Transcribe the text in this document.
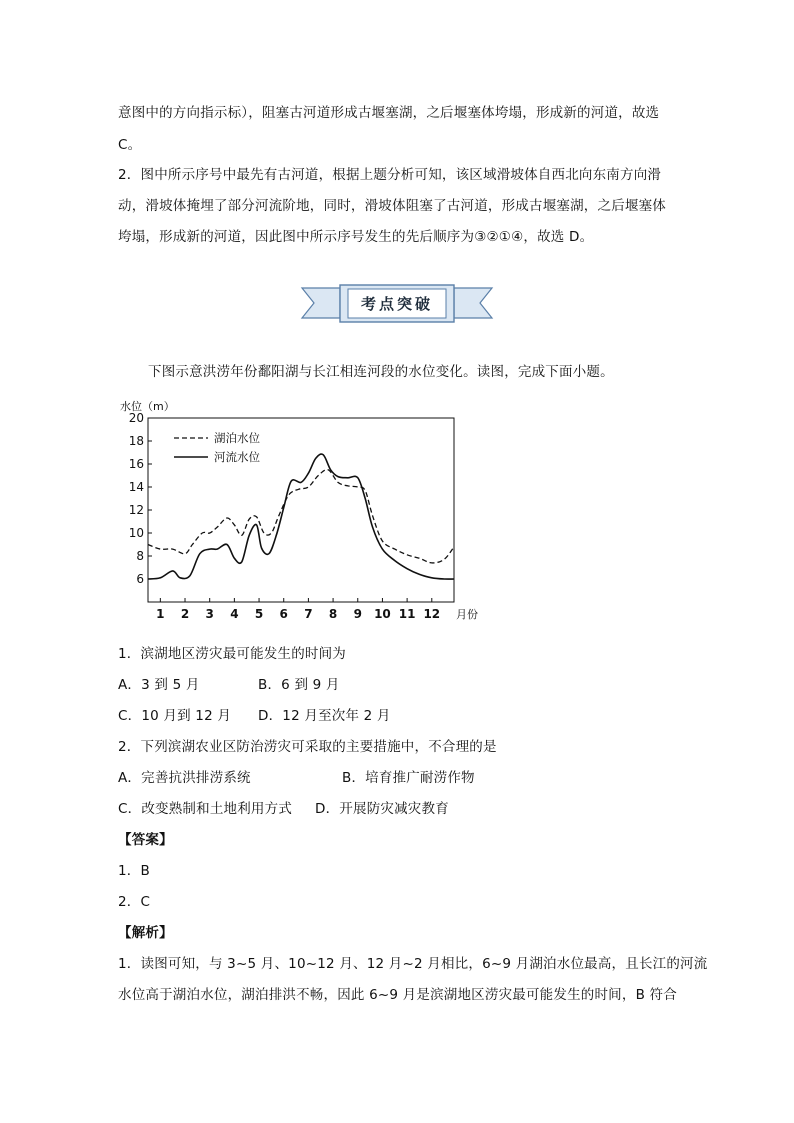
意图中的方向指示标），阻塞古河道形成古堰塞湖，之后堰塞体垮塌，形成新的河道，故选
C。
2．图中所示序号中最先有古河道，根据上题分析可知，该区域滑坡体自西北向东南方向滑
动，滑坡体掩埋了部分河流阶地，同时，滑坡体阻塞了古河道，形成古堰塞湖，之后堰塞体
垮塌，形成新的河道，因此图中所示序号发生的先后顺序为③②①④，故选 D。
考点突破
下图示意洪涝年份鄱阳湖与长江相连河段的水位变化。读图，完成下面小题。
水位（m）
6
8
10
12
14
16
18
20
1 2 3 4 5 6 7 8 9 10 11 12 月份
湖泊水位
河流水位
1．滨湖地区涝灾最可能发生的时间为
A．3 到 5 月	B．6 到 9 月
C．10 月到 12 月 D．12 月至次年 2 月
2．下列滨湖农业区防治涝灾可采取的主要措施中，不合理的是
A．完善抗洪排涝系统	B．培育推广耐涝作物
C．改变熟制和土地利用方式 D．开展防灾减灾教育
【答案】
1．B
2．C
【解析】
1．读图可知，与 3~5 月、10~12 月、12 月~2 月相比，6~9 月湖泊水位最高，且长江的河流
水位高于湖泊水位，湖泊排洪不畅，因此 6~9 月是滨湖地区涝灾最可能发生的时间，B 符合
